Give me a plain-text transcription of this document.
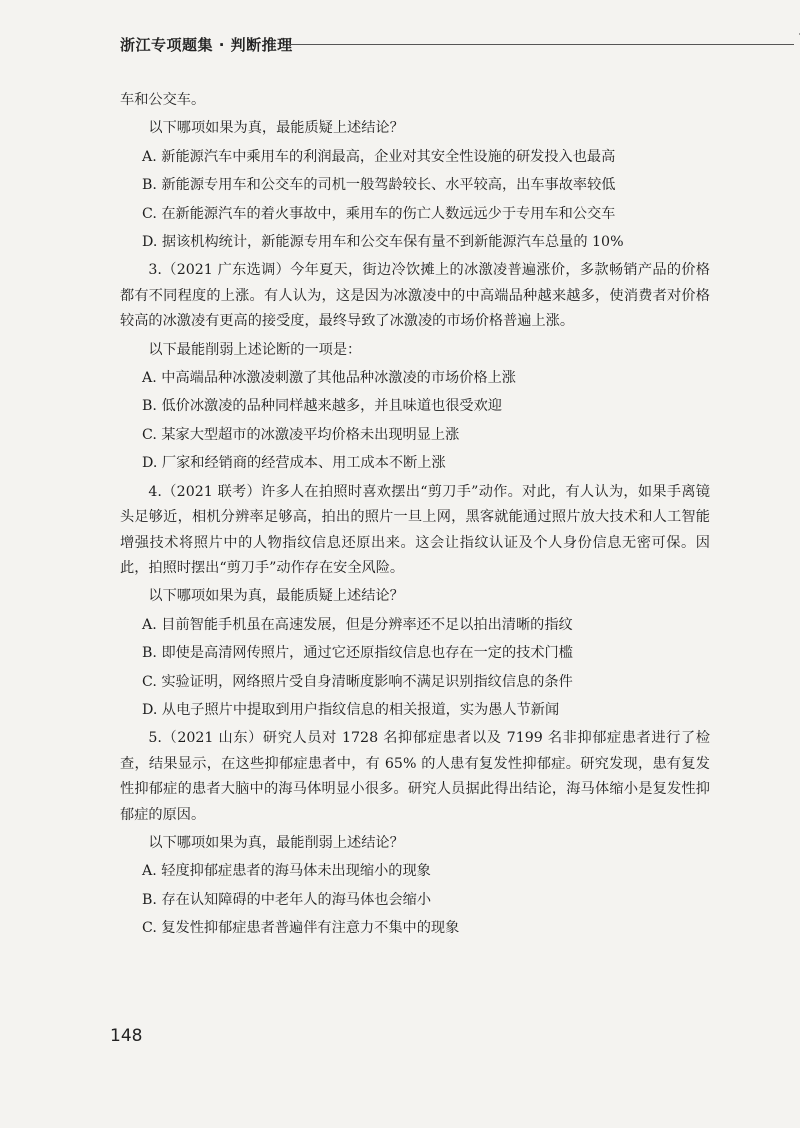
浙江专项题集 · 判断推理

车和公交车。

以下哪项如果为真，最能质疑上述结论？

A. 新能源汽车中乘用车的利润最高，企业对其安全性设施的研发投入也最高

B. 新能源专用车和公交车的司机一般驾龄较长、水平较高，出车事故率较低

C. 在新能源汽车的着火事故中，乘用车的伤亡人数远远少于专用车和公交车

D. 据该机构统计，新能源专用车和公交车保有量不到新能源汽车总量的 10%

3.（2021 广东选调）今年夏天，街边冷饮摊上的冰激凌普遍涨价，多款畅销产品的价格都有不同程度的上涨。有人认为，这是因为冰激凌中的中高端品种越来越多，使消费者对价格较高的冰激凌有更高的接受度，最终导致了冰激凌的市场价格普遍上涨。

以下最能削弱上述论断的一项是：

A. 中高端品种冰激凌刺激了其他品种冰激凌的市场价格上涨

B. 低价冰激凌的品种同样越来越多，并且味道也很受欢迎

C. 某家大型超市的冰激凌平均价格未出现明显上涨

D. 厂家和经销商的经营成本、用工成本不断上涨

4.（2021 联考）许多人在拍照时喜欢摆出“剪刀手”动作。对此，有人认为，如果手离镜头足够近，相机分辨率足够高，拍出的照片一旦上网，黑客就能通过照片放大技术和人工智能增强技术将照片中的人物指纹信息还原出来。这会让指纹认证及个人身份信息无密可保。因此，拍照时摆出“剪刀手”动作存在安全风险。

以下哪项如果为真，最能质疑上述结论？

A. 目前智能手机虽在高速发展，但是分辨率还不足以拍出清晰的指纹

B. 即使是高清网传照片，通过它还原指纹信息也存在一定的技术门槛

C. 实验证明，网络照片受自身清晰度影响不满足识别指纹信息的条件

D. 从电子照片中提取到用户指纹信息的相关报道，实为愚人节新闻

5.（2021 山东）研究人员对 1728 名抑郁症患者以及 7199 名非抑郁症患者进行了检查，结果显示，在这些抑郁症患者中，有 65% 的人患有复发性抑郁症。研究发现，患有复发性抑郁症的患者大脑中的海马体明显小很多。研究人员据此得出结论，海马体缩小是复发性抑郁症的原因。

以下哪项如果为真，最能削弱上述结论？

A. 轻度抑郁症患者的海马体未出现缩小的现象

B. 存在认知障碍的中老年人的海马体也会缩小

C. 复发性抑郁症患者普遍伴有注意力不集中的现象

148
